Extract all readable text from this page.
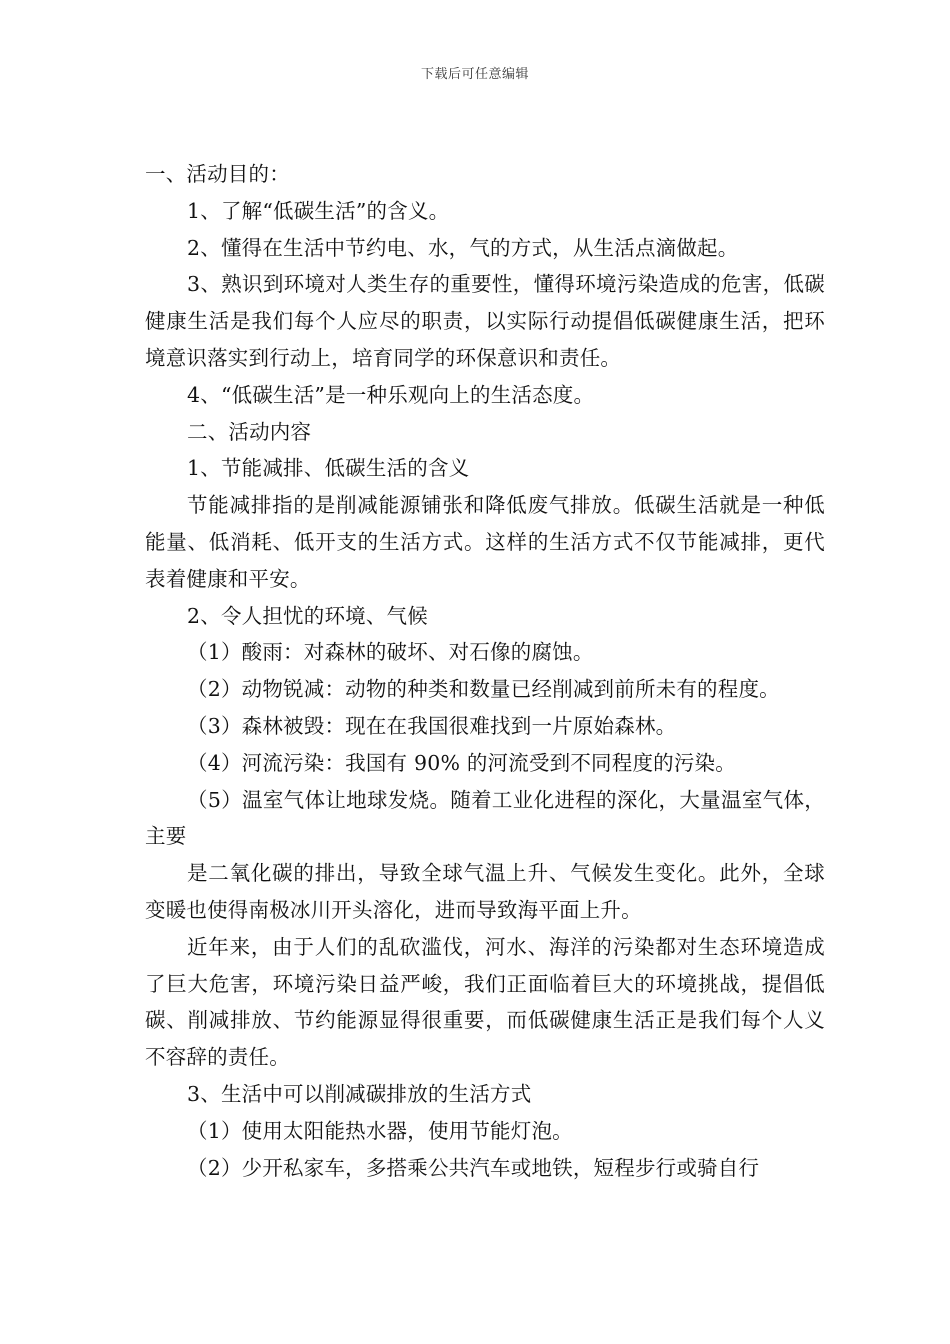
下载后可任意编辑

一、活动目的：

1、了解“低碳生活”的含义。

2、懂得在生活中节约电、水，气的方式，从生活点滴做起。

3、熟识到环境对人类生存的重要性，懂得环境污染造成的危害，低碳健康生活是我们每个人应尽的职责，以实际行动提倡低碳健康生活，把环境意识落实到行动上，培育同学的环保意识和责任。

4、“低碳生活”是一种乐观向上的生活态度。

二、活动内容

1、节能减排、低碳生活的含义

节能减排指的是削减能源铺张和降低废气排放。低碳生活就是一种低能量、低消耗、低开支的生活方式。这样的生活方式不仅节能减排，更代表着健康和平安。

2、令人担忧的环境、气候

（1）酸雨：对森林的破坏、对石像的腐蚀。

（2）动物锐减：动物的种类和数量已经削减到前所未有的程度。

（3）森林被毁：现在在我国很难找到一片原始森林。

（4）河流污染：我国有 90% 的河流受到不同程度的污染。

（5）温室气体让地球发烧。随着工业化进程的深化，大量温室气体，主要

是二氧化碳的排出，导致全球气温上升、气候发生变化。此外，全球变暖也使得南极冰川开头溶化，进而导致海平面上升。

近年来，由于人们的乱砍滥伐，河水、海洋的污染都对生态环境造成了巨大危害，环境污染日益严峻，我们正面临着巨大的环境挑战，提倡低碳、削减排放、节约能源显得很重要，而低碳健康生活正是我们每个人义不容辞的责任。

3、生活中可以削减碳排放的生活方式

（1）使用太阳能热水器，使用节能灯泡。

（2）少开私家车，多搭乘公共汽车或地铁，短程步行或骑自行
